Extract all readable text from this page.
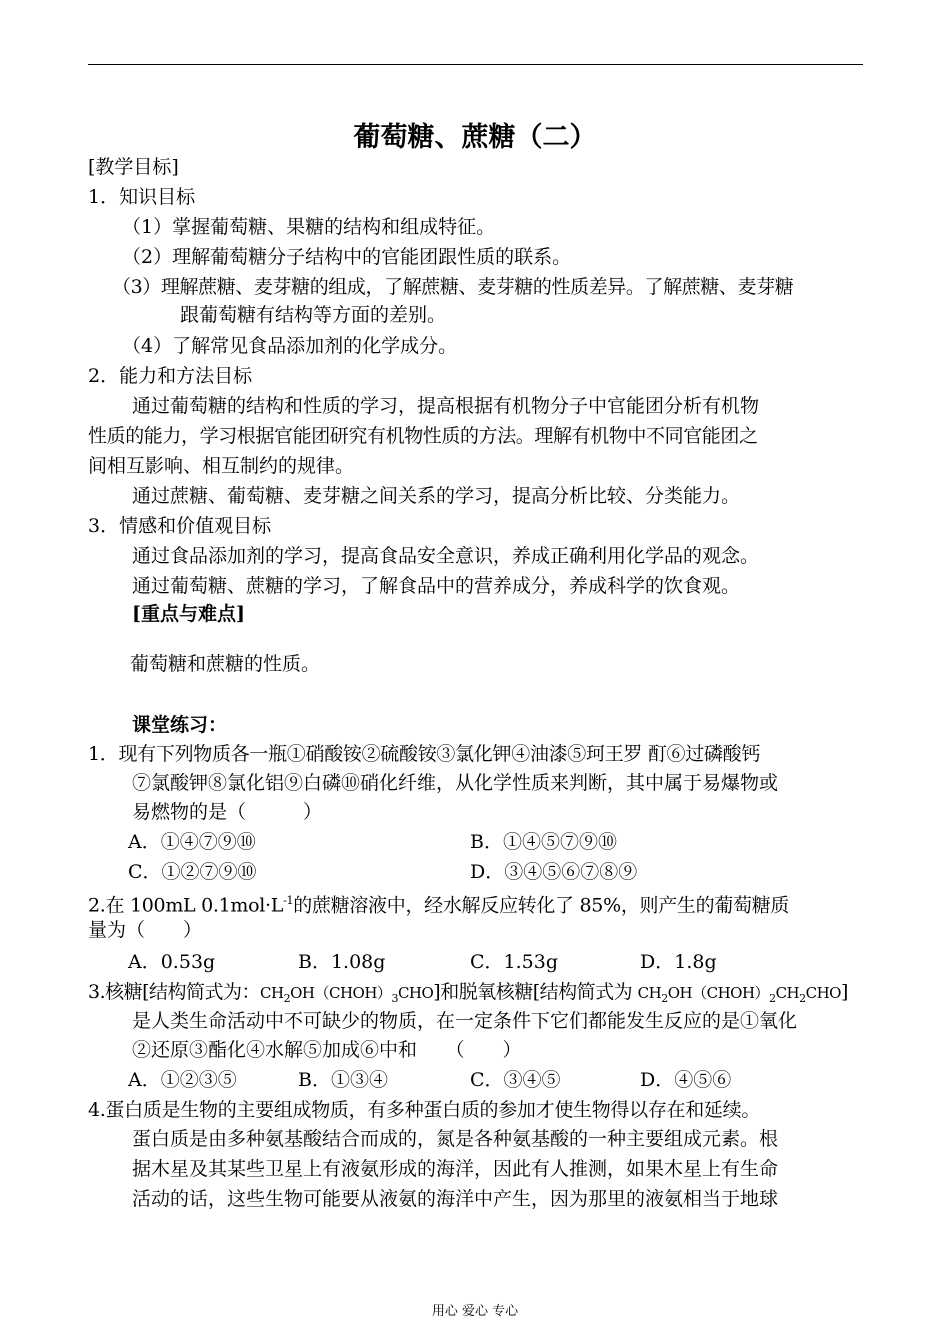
葡萄糖、蔗糖（二）
[教学目标]
1．知识目标
（1）掌握葡萄糖、果糖的结构和组成特征。
（2）理解葡萄糖分子结构中的官能团跟性质的联系。
（3）理解蔗糖、麦芽糖的组成，了解蔗糖、麦芽糖的性质差异。了解蔗糖、麦芽糖
跟葡萄糖有结构等方面的差别。
（4）了解常见食品添加剂的化学成分。
2．能力和方法目标
通过葡萄糖的结构和性质的学习，提高根据有机物分子中官能团分析有机物
性质的能力，学习根据官能团研究有机物性质的方法。理解有机物中不同官能团之
间相互影响、相互制约的规律。
通过蔗糖、葡萄糖、麦芽糖之间关系的学习，提高分析比较、分类能力。
3．情感和价值观目标
通过食品添加剂的学习，提高食品安全意识，养成正确利用化学品的观念。
通过葡萄糖、蔗糖的学习，了解食品中的营养成分，养成科学的饮食观。
[重点与难点]
葡萄糖和蔗糖的性质。
课堂练习：
1．现有下列物质各一瓶①硝酸铵②硫酸铵③氯化钾④油漆⑤珂王罗 酊⑥过磷酸钙
⑦氯酸钾⑧氯化铝⑨白磷⑩硝化纤维，从化学性质来判断，其中属于易爆物或
易燃物的是（　　　）
A．①④⑦⑨⑩	B．①④⑤⑦⑨⑩
C．①②⑦⑨⑩	D．③④⑤⑥⑦⑧⑨
2.在 100mL $0.1mol\cdot L^{-1}$的蔗糖溶液中，经水解反应转化了 85%，则产生的葡萄糖质
量为（　　）
A．0.53g	B．1.08g	C．1.53g	D．1.8g
3.核糖[结构简式为：$CH_2OH(CHOH)_3CHO$]和脱氧核糖[结构简式为 $CH_2OH(CHOH)_2CH_2CHO$]
是人类生命活动中不可缺少的物质，在一定条件下它们都能发生反应的是①氧化
②还原③酯化④水解⑤加成⑥中和　　（　　）
A．①②③⑤	B．①③④	C．③④⑤	D．④⑤⑥
4.蛋白质是生物的主要组成物质，有多种蛋白质的参加才使生物得以存在和延续。
蛋白质是由多种氨基酸结合而成的，氮是各种氨基酸的一种主要组成元素。根
据木星及其某些卫星上有液氨形成的海洋，因此有人推测，如果木星上有生命
活动的话，这些生物可能要从液氨的海洋中产生，因为那里的液氨相当于地球
用心 爱心 专心
